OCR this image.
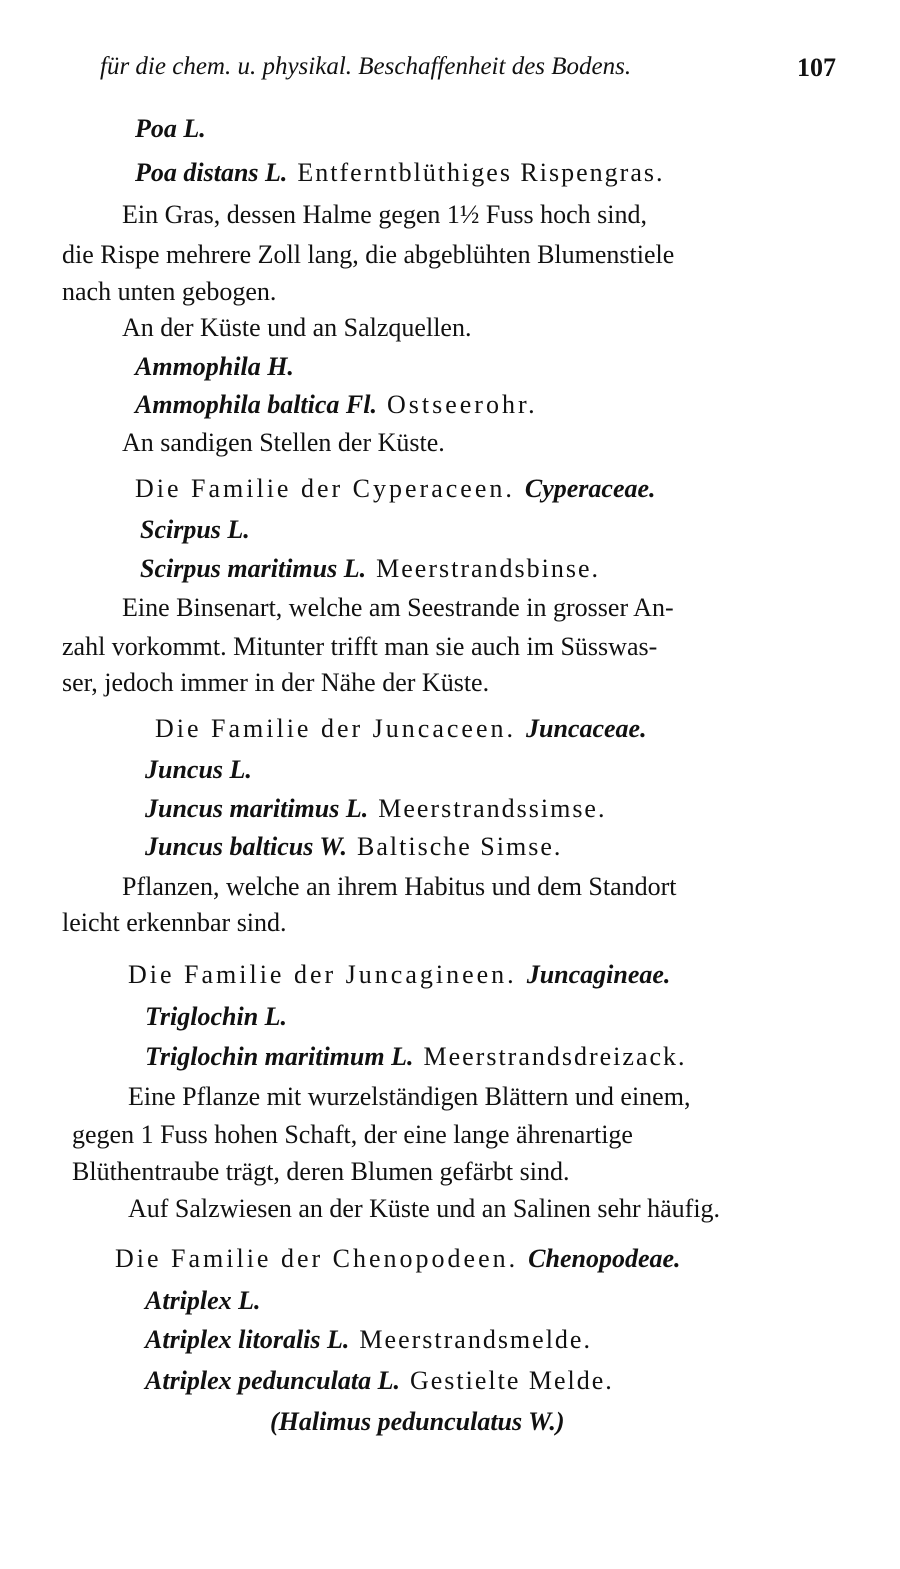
für die chem. u. physikal. Beschaffenheit des Bodens.	107
Poa L.
Poa distans L. Entferntblüthiges Rispengras.
Ein Gras, dessen Halme gegen 1½ Fuss hoch sind,
die Rispe mehrere Zoll lang, die abgeblühten Blumenstiele
nach unten gebogen.
An der Küste und an Salzquellen.
Ammophila H.
Ammophila baltica Fl. Ostseerohr.
An sandigen Stellen der Küste.
Die Familie der Cyperaceen. Cyperaceae.
Scirpus L.
Scirpus maritimus L. Meerstrandsbinse.
Eine Binsenart, welche am Seestrande in grosser An-
zahl vorkommt. Mitunter trifft man sie auch im Süsswas-
ser, jedoch immer in der Nähe der Küste.
Die Familie der Juncaceen. Juncaceae.
Juncus L.
Juncus maritimus L. Meerstrandssimse.
Juncus balticus W. Baltische Simse.
Pflanzen, welche an ihrem Habitus und dem Standort
leicht erkennbar sind.
Die Familie der Juncagineen. Juncagineae.
Triglochin L.
Triglochin maritimum L. Meerstrandsdreizack.
Eine Pflanze mit wurzelständigen Blättern und einem,
gegen 1 Fuss hohen Schaft, der eine lange ährenartige
Blüthentraube trägt, deren Blumen gefärbt sind.
Auf Salzwiesen an der Küste und an Salinen sehr häufig.
Die Familie der Chenopodeen. Chenopodeae.
Atriplex L.
Atriplex litoralis L. Meerstrandsmelde.
Atriplex pedunculata L. Gestielte Melde.
(Halimus pedunculatus W.)
